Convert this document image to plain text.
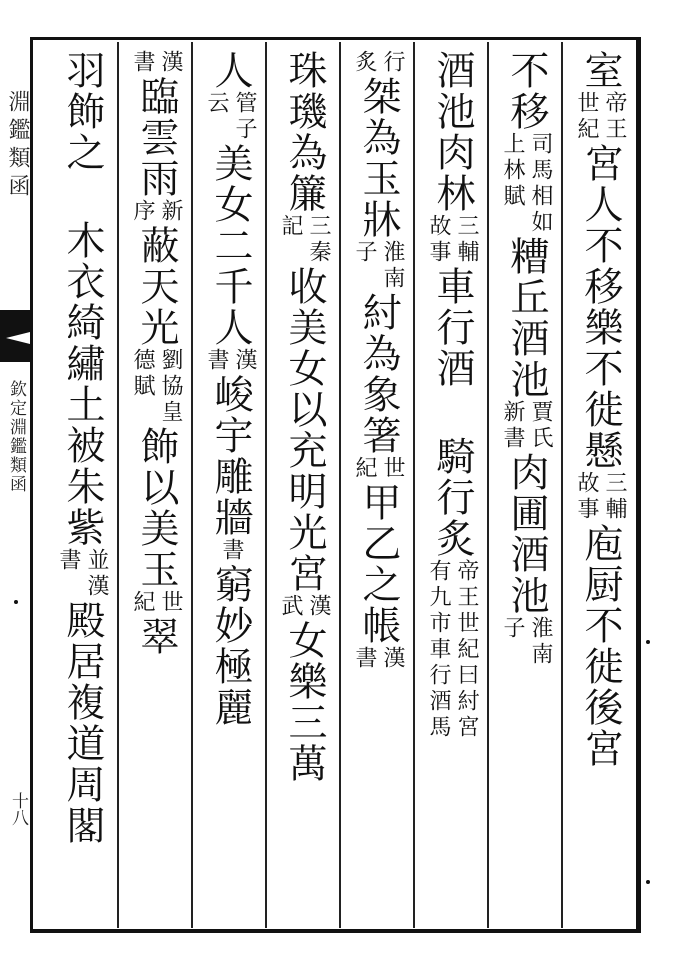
淵鑑類函
欽定淵鑑類函
十八
室
帝王
世紀
宮人不移樂不徙懸
三輔
故事
庖厨不徙後宮
不移
司馬相如
上林賦
糟丘酒池
賈氏
新書
肉圃酒池
淮南
子
酒池肉林
三輔
故事
車行酒 騎行炙
帝王世紀曰紂宮
有九市車行酒馬
行
炙
桀為玉牀
淮南
子
紂為象箸
世
紀
甲乙之帳
漢
書
珠璣為簾
三秦
記
收美女以充明光宮
漢
武
女樂三萬
人
管子
云
美女二千人
漢
書
峻宇雕牆
書
窮妙極麗
漢
書
臨雲雨
新
序
蔽天光
劉協皇
德賦
飾以美玉
世
紀
翠
羽飾之 木衣綺繡土被朱紫
並漢
書
殿居複道周閣
